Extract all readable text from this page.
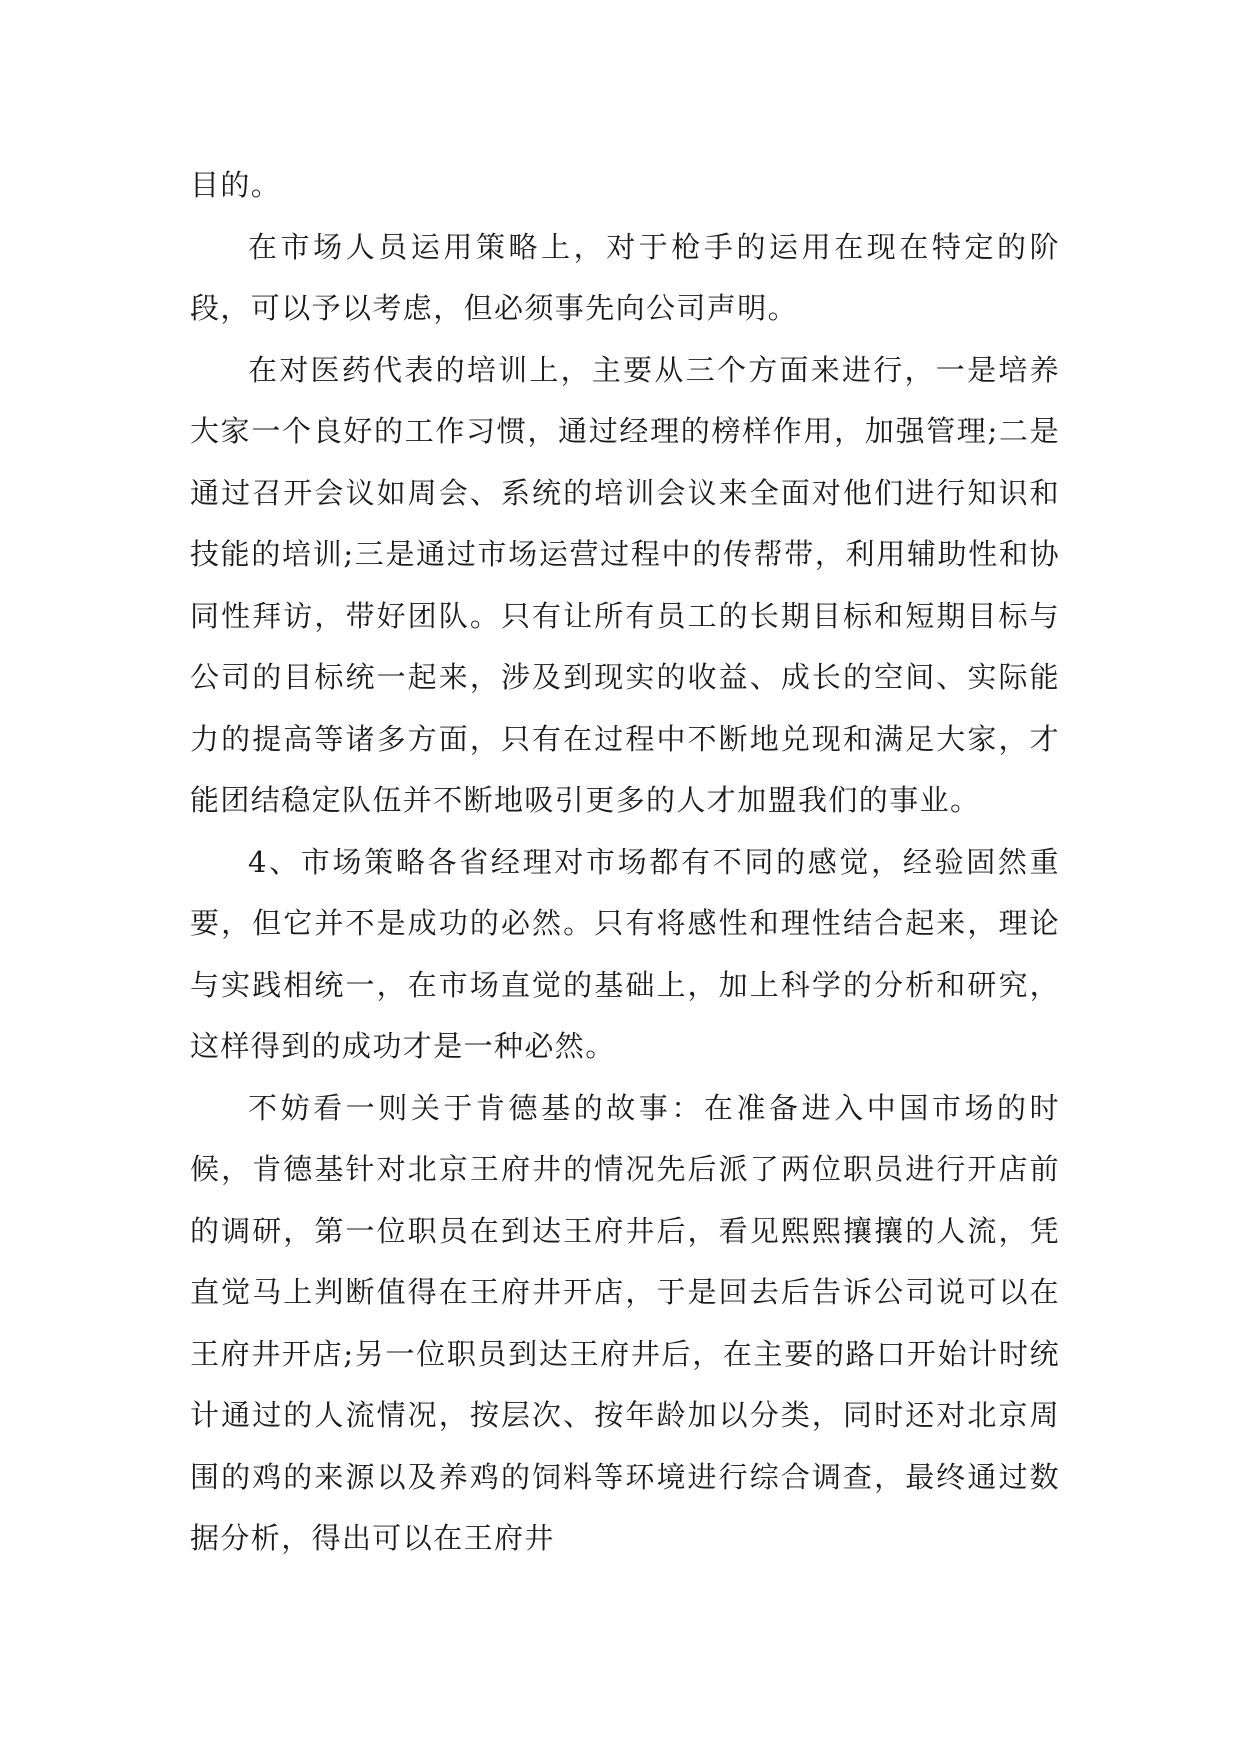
目的。

在市场人员运用策略上，对于枪手的运用在现在特定的阶段，可以予以考虑，但必须事先向公司声明。

在对医药代表的培训上，主要从三个方面来进行，一是培养大家一个良好的工作习惯，通过经理的榜样作用，加强管理;二是通过召开会议如周会、系统的培训会议来全面对他们进行知识和技能的培训;三是通过市场运营过程中的传帮带，利用辅助性和协同性拜访，带好团队。只有让所有员工的长期目标和短期目标与公司的目标统一起来，涉及到现实的收益、成长的空间、实际能力的提高等诸多方面，只有在过程中不断地兑现和满足大家，才能团结稳定队伍并不断地吸引更多的人才加盟我们的事业。

4、市场策略各省经理对市场都有不同的感觉，经验固然重要，但它并不是成功的必然。只有将感性和理性结合起来，理论与实践相统一，在市场直觉的基础上，加上科学的分析和研究，这样得到的成功才是一种必然。

不妨看一则关于肯德基的故事：在准备进入中国市场的时候，肯德基针对北京王府井的情况先后派了两位职员进行开店前的调研，第一位职员在到达王府井后，看见熙熙攘攘的人流，凭直觉马上判断值得在王府井开店，于是回去后告诉公司说可以在王府井开店;另一位职员到达王府井后，在主要的路口开始计时统计通过的人流情况，按层次、按年龄加以分类，同时还对北京周围的鸡的来源以及养鸡的饲料等环境进行综合调查，最终通过数据分析，得出可以在王府井
